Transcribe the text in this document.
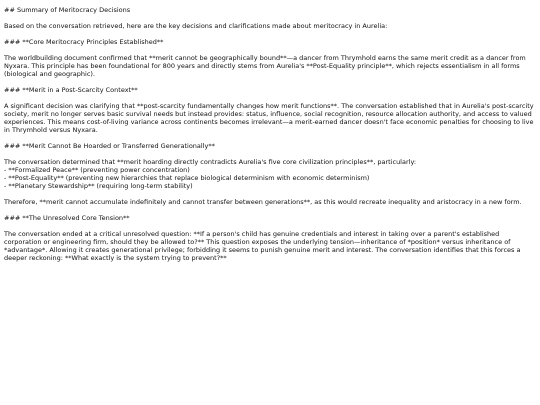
## Summary of Meritocracy Decisions

Based on the conversation retrieved, here are the key decisions and clarifications made about meritocracy in Aurelia:

### **Core Meritocracy Principles Established**

The worldbuilding document confirmed that **merit cannot be geographically bound**—a dancer from Thrymhold earns the same merit credit as a dancer from Nyxara. This principle has been foundational for 800 years and directly stems from Aurelia's **Post-Equality principle**, which rejects essentialism in all forms (biological and geographic).

### **Merit in a Post-Scarcity Context**

A significant decision was clarifying that **post-scarcity fundamentally changes how merit functions**. The conversation established that in Aurelia's post-scarcity society, merit no longer serves basic survival needs but instead provides: status, influence, social recognition, resource allocation authority, and access to valued experiences. This means cost-of-living variance across continents becomes irrelevant—a merit-earned dancer doesn't face economic penalties for choosing to live in Thrymhold versus Nyxara.

### **Merit Cannot Be Hoarded or Transferred Generationally**

The conversation determined that **merit hoarding directly contradicts Aurelia's five core civilization principles**, particularly:

- **Formalized Peace** (preventing power concentration)

- **Post-Equality** (preventing new hierarchies that replace biological determinism with economic determinism)

- **Planetary Stewardship** (requiring long-term stability)

Therefore, **merit cannot accumulate indefinitely and cannot transfer between generations**, as this would recreate inequality and aristocracy in a new form.

### **The Unresolved Core Tension**

The conversation ended at a critical unresolved question: **If a person's child has genuine credentials and interest in taking over a parent's established corporation or engineering firm, should they be allowed to?** This question exposes the underlying tension—inheritance of *position* versus inheritance of *advantage*. Allowing it creates generational privilege; forbidding it seems to punish genuine merit and interest. The conversation identifies that this forces a deeper reckoning: **What exactly is the system trying to prevent?**
